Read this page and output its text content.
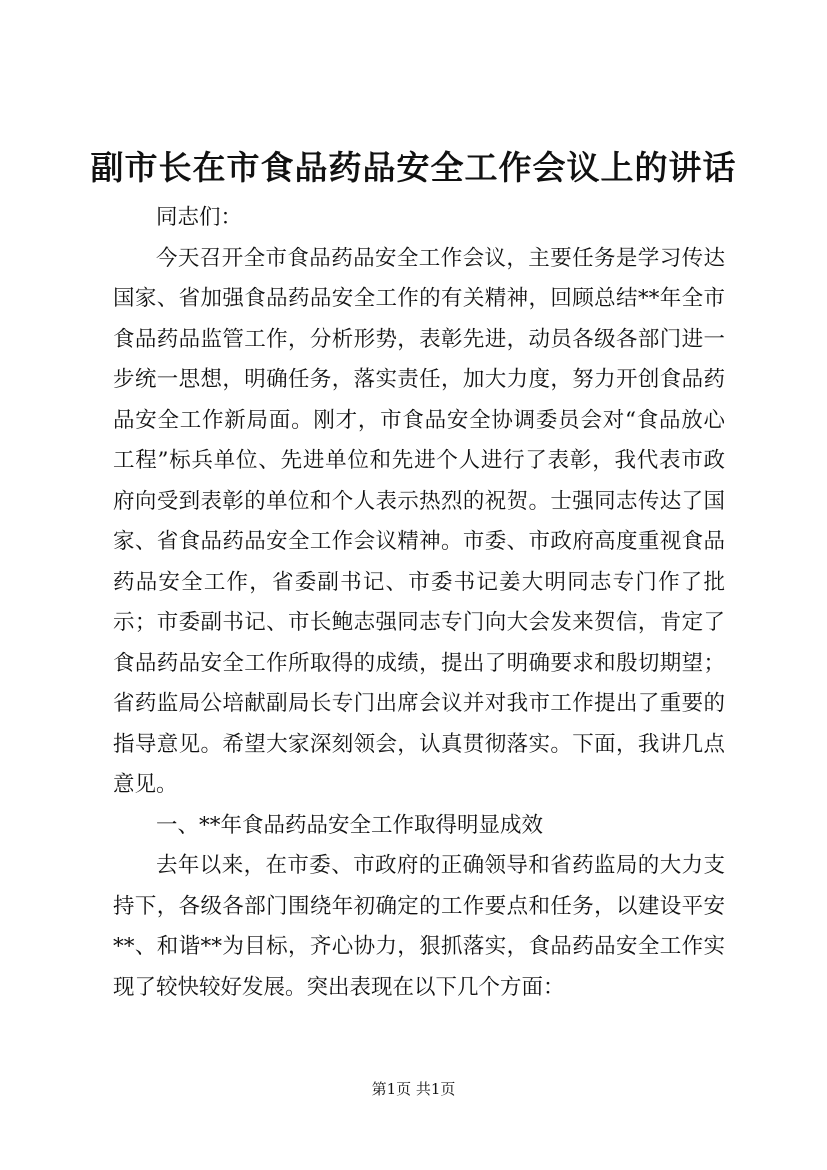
副市长在市食品药品安全工作会议上的讲话

同志们：

今天召开全市食品药品安全工作会议，主要任务是学习传达国家、省加强食品药品安全工作的有关精神，回顾总结**年全市食品药品监管工作，分析形势，表彰先进，动员各级各部门进一步统一思想，明确任务，落实责任，加大力度，努力开创食品药品安全工作新局面。刚才，市食品安全协调委员会对“食品放心工程”标兵单位、先进单位和先进个人进行了表彰，我代表市政府向受到表彰的单位和个人表示热烈的祝贺。士强同志传达了国家、省食品药品安全工作会议精神。市委、市政府高度重视食品药品安全工作，省委副书记、市委书记姜大明同志专门作了批示；市委副书记、市长鲍志强同志专门向大会发来贺信，肯定了食品药品安全工作所取得的成绩，提出了明确要求和殷切期望；省药监局公培献副局长专门出席会议并对我市工作提出了重要的指导意见。希望大家深刻领会，认真贯彻落实。下面，我讲几点意见。

一、**年食品药品安全工作取得明显成效

去年以来，在市委、市政府的正确领导和省药监局的大力支持下，各级各部门围绕年初确定的工作要点和任务，以建设平安**、和谐**为目标，齐心协力，狠抓落实，食品药品安全工作实现了较快较好发展。突出表现在以下几个方面：

第1页 共1页
